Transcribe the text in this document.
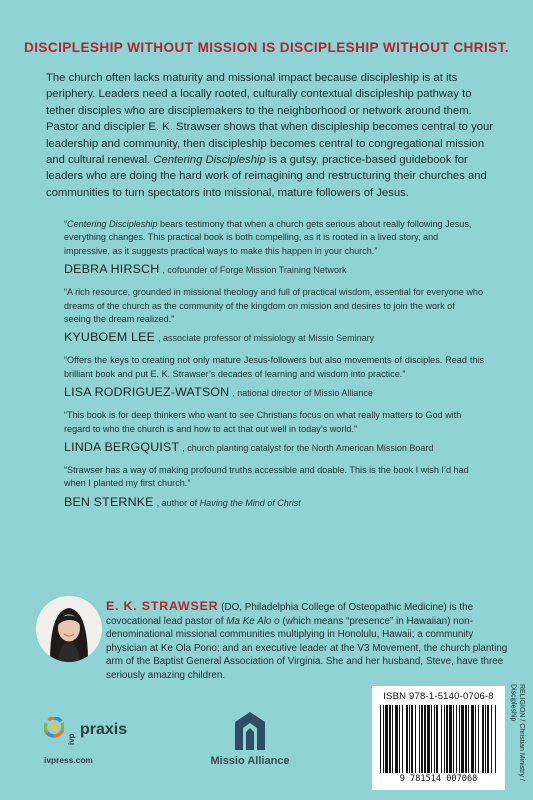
DISCIPLESHIP WITHOUT MISSION IS DISCIPLESHIP WITHOUT CHRIST.
The church often lacks maturity and missional impact because discipleship is at its periphery. Leaders need a locally rooted, culturally contextual discipleship pathway to tether disciples who are disciplemakers to the neighborhood or network around them. Pastor and discipler E. K. Strawser shows that when discipleship becomes central to your leadership and community, then discipleship becomes central to congregational mission and cultural renewal. Centering Discipleship is a gutsy, practice-based guidebook for leaders who are doing the hard work of reimagining and restructuring their churches and communities to turn spectators into missional, mature followers of Jesus.
“Centering Discipleship bears testimony that when a church gets serious about really following Jesus, everything changes. This practical book is both compelling, as it is rooted in a lived story, and impressive, as it suggests practical ways to make this happen in your church.”
DEBRA HIRSCH , cofounder of Forge Mission Training Network
“A rich resource, grounded in missional theology and full of practical wisdom, essential for everyone who dreams of the church as the community of the kingdom on mission and desires to join the work of seeing the dream realized.”
KYUBOEM LEE , associate professor of missiology at Missio Seminary
“Offers the keys to creating not only mature Jesus-followers but also movements of disciples. Read this brilliant book and put E. K. Strawser’s decades of learning and wisdom into practice.”
LISA RODRIGUEZ-WATSON , national director of Missio Alliance
“This book is for deep thinkers who want to see Christians focus on what really matters to God with regard to who the church is and how to act that out well in today’s world.”
LINDA BERGQUIST , church planting catalyst for the North American Mission Board
“Strawser has a way of making profound truths accessible and doable. This is the book I wish I’d had when I planted my first church.”
BEN STERNKE , author of Having the Mind of Christ
E. K. STRAWSER (DO, Philadelphia College of Osteopathic Medicine) is the covocational lead pastor of Ma Ke Alo o (which means “presence” in Hawaiian) non-denominational missional communities multiplying in Honolulu, Hawaii; a community physician at Ke Ola Pono; and an executive leader at the V3 Movement, the church planting arm of the Baptist General Association of Virginia. She and her husband, Steve, have three seriously amazing children.
ivp
praxis
ivpress.com	Missio Alliance
ISBN 978-1-5140-0706-8
9 781514 007068	RELIGION / Christian Ministry /
Discipleship
